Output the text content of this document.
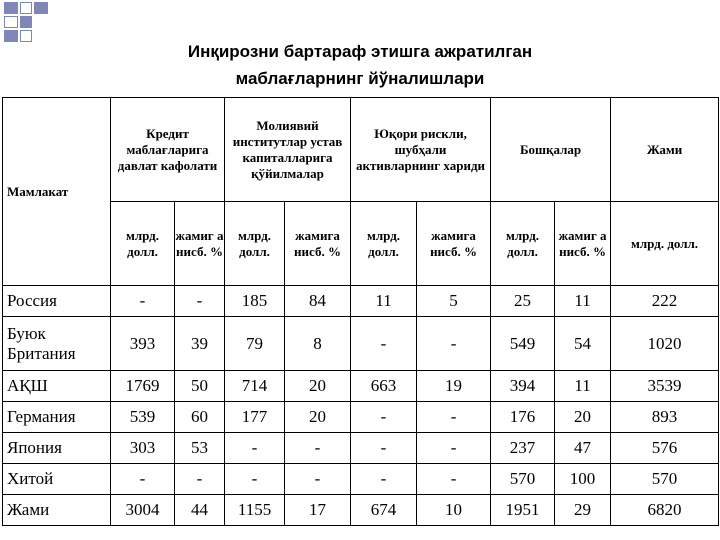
Инқирозни бартараф этишга ажратилган
маблағларнинг йўналишлари
Мамлакат	Кредит маблағларига давлат кафолати		Молиявий институтлар устав капиталларига қўйилмалар		Юқори рискли, шубҳали активларнинг хариди		Бошқалар		Жами
	млрд. долл.	жамиг а нисб. %	млрд. долл.	жамига нисб. %	млрд. долл.	жамига нисб. %	млрд. долл.	жамиг а нисб. %	млрд. долл.
Россия	-	-	185	84	11	5	25	11	222
Буюк Британия	393	39	79	8	-	-	549	54	1020
АҚШ	1769	50	714	20	663	19	394	11	3539
Германия	539	60	177	20	-	-	176	20	893
Япония	303	53	-	-	-	-	237	47	576
Хитой	-	-	-	-	-	-	570	100	570
Жами	3004	44	1155	17	674	10	1951	29	6820
